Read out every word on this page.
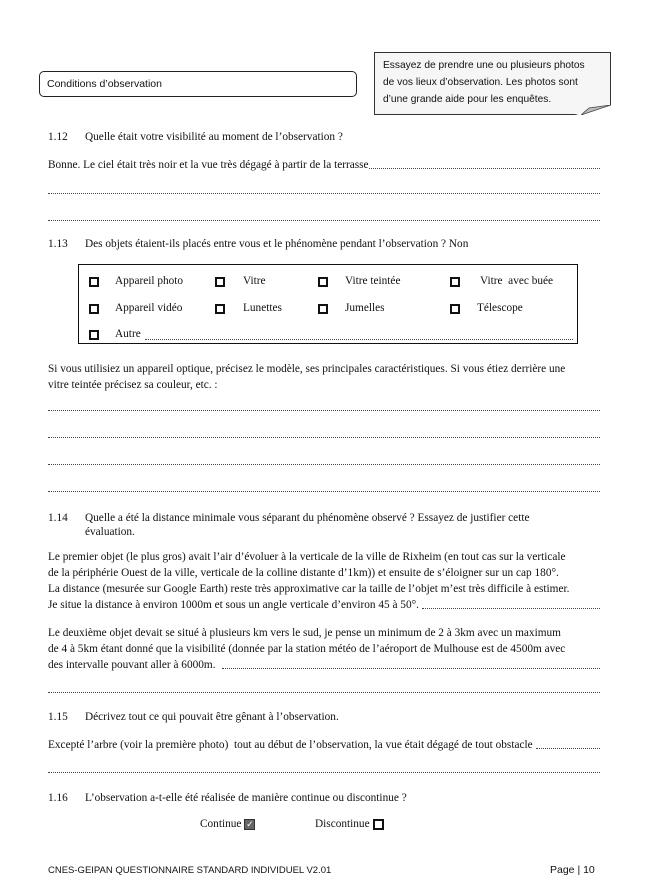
Conditions d’observation
Essayez de prendre une ou plusieurs photos
de vos lieux d’observation. Les photos sont
d’une grande aide pour les enquêtes.
1.12 Quelle était votre visibilité au moment de l’observation ?
Bonne. Le ciel était très noir et la vue très dégagé à partir de la terrasse
1.13 Des objets étaient-ils placés entre vous et le phénomène pendant l’observation ? Non
Appareil photo	Vitre	Vitre teintée	Vitre  avec buée
Appareil vidéo	Lunettes	Jumelles	Télescope
Autre
Si vous utilisiez un appareil optique, précisez le modèle, ses principales caractéristiques. Si vous étiez derrière une
vitre teintée précisez sa couleur, etc. :
1.14 Quelle a été la distance minimale vous séparant du phénomène observé ? Essayez de justifier cette
évaluation.
Le premier objet (le plus gros) avait l’air d’évoluer à la verticale de la ville de Rixheim (en tout cas sur la verticale
de la périphérie Ouest de la ville, verticale de la colline distante d’1km)) et ensuite de s’éloigner sur un cap 180°.
La distance (mesurée sur Google Earth) reste très approximative car la taille de l’objet m’est très difficile à estimer.
Je situe la distance à environ 1000m et sous un angle verticale d’environ 45 à 50°.
Le deuxième objet devait se situé à plusieurs km vers le sud, je pense un minimum de 2 à 3km avec un maximum
de 4 à 5km étant donné que la visibilité (donnée par la station météo de l’aéroport de Mulhouse est de 4500m avec
des intervalle pouvant aller à 6000m.
1.15 Décrivez tout ce qui pouvait être gênant à l’observation.
Excepté l’arbre (voir la première photo)  tout au début de l’observation, la vue était dégagé de tout obstacle
1.16 L’observation a-t-elle été réalisée de manière continue ou discontinue ?
Continue ✓	Discontinue
CNES-GEIPAN QUESTIONNAIRE STANDARD INDIVIDUEL V2.01	Page | 10
